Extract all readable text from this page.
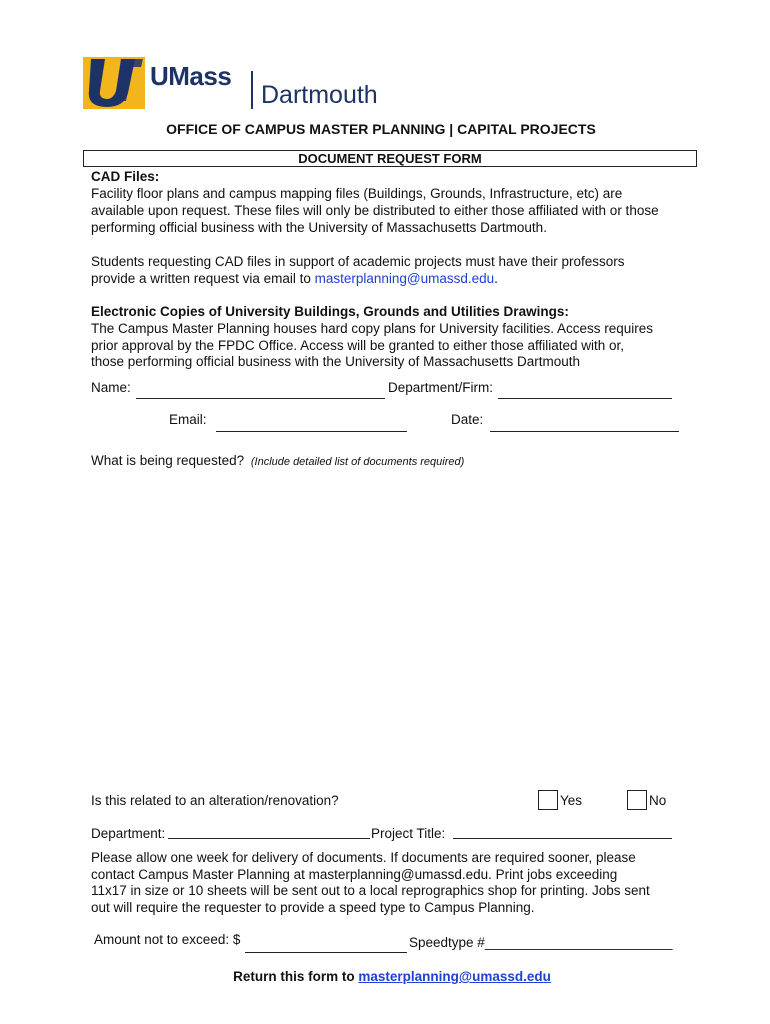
UMass
Dartmouth
OFFICE OF CAMPUS MASTER PLANNING | CAPITAL PROJECTS
DOCUMENT REQUEST FORM
CAD Files:
Facility floor plans and campus mapping files (Buildings, Grounds, Infrastructure, etc) are
available upon request. These files will only be distributed to either those affiliated with or those
performing official business with the University of Massachusetts Dartmouth.
Students requesting CAD files in support of academic projects must have their professors
provide a written request via email to masterplanning@umassd.edu.
Electronic Copies of University Buildings, Grounds and Utilities Drawings:
The Campus Master Planning houses hard copy plans for University facilities. Access requires
prior approval by the FPDC Office. Access will be granted to either those affiliated with or,
those performing official business with the University of Massachusetts Dartmouth
Name:	Department/Firm:
Email:	Date:
What is being requested? (Include detailed list of documents required)
Is this related to an alteration/renovation?	Yes	No
Department:	Project Title:
Please allow one week for delivery of documents. If documents are required sooner, please
contact Campus Master Planning at masterplanning@umassd.edu. Print jobs exceeding
11x17 in size or 10 sheets will be sent out to a local reprographics shop for printing. Jobs sent
out will require the requester to provide a speed type to Campus Planning.
Amount not to exceed: $	Speedtype #_________________________
Return this form to masterplanning@umassd.edu
